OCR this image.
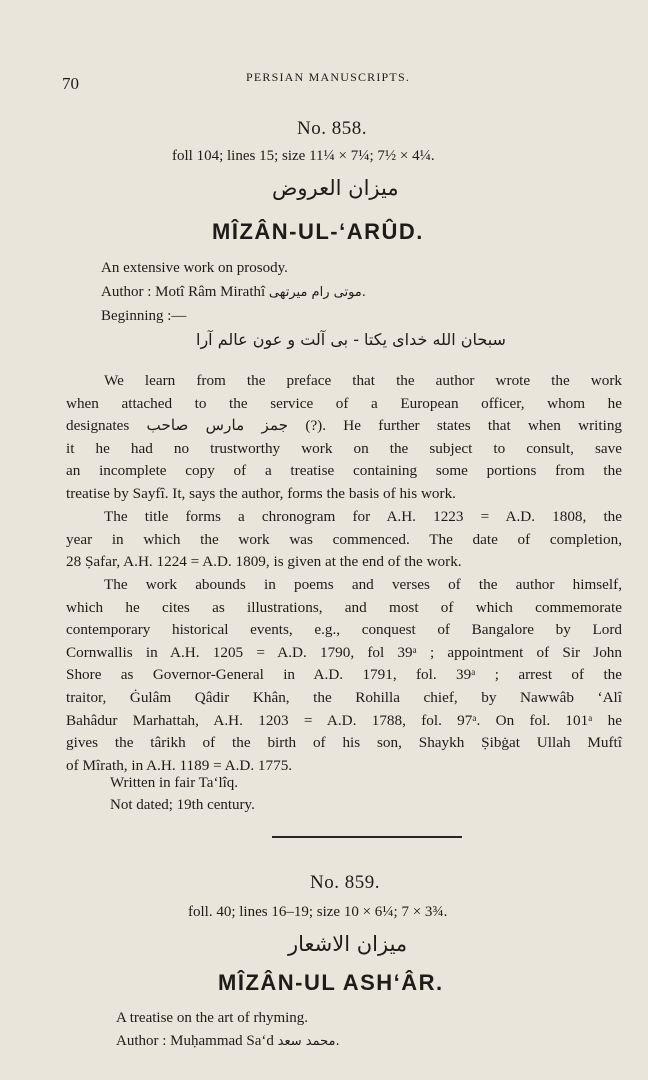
70	PERSIAN MANUSCRIPTS.
No. 858.
foll 104; lines 15; size 11¼ × 7¼; 7½ × 4¼.
ميزان العروض
MÎZÂN-UL-‘ARÛD.
An extensive work on prosody.
Author : Motî Râm Mirathî موتی رام میرتهی.
Beginning :—
سبحان الله خدای یکتا - بی آلت و عون عالم آرا

We learn from the preface that the author wrote the work

when attached to the service of a European officer, whom he

designates جمز مارس صاحب (?). He further states that when writing

it he had no trustworthy work on the subject to consult, save

an incomplete copy of a treatise containing some portions from the

treatise by Sayfî. It, says the author, forms the basis of his work.

The title forms a chronogram for A.H. 1223 = A.D. 1808, the

year in which the work was commenced. The date of completion,

28 Ṣafar, A.H. 1224 = A.D. 1809, is given at the end of the work.

The work abounds in poems and verses of the author himself,

which he cites as illustrations, and most of which commemorate

contemporary historical events, e.g., conquest of Bangalore by Lord

Cornwallis in A.H. 1205 = A.D. 1790, fol 39ᵃ ; appointment of Sir John

Shore as Governor-General in A.D. 1791, fol. 39ᵃ ; arrest of the

traitor, Ġulâm Qâdir Khân, the Rohilla chief, by Nawwâb ‘Alî

Bahâdur Marhattah, A.H. 1203 = A.D. 1788, fol. 97ᵃ. On fol. 101ᵃ he

gives the târikh of the birth of his son, Shaykh Ṣibġat Ullah Muftî

of Mîrath, in A.H. 1189 = A.D. 1775.

Written in fair Ta‘lîq.
Not dated; 19th century.
No. 859.
foll. 40; lines 16–19; size 10 × 6¼; 7 × 3¾.
ميزان الاشعار
MÎZÂN-UL ASH‘ÂR.
A treatise on the art of rhyming.
Author : Muḥammad Sa‘d محمد سعد.
